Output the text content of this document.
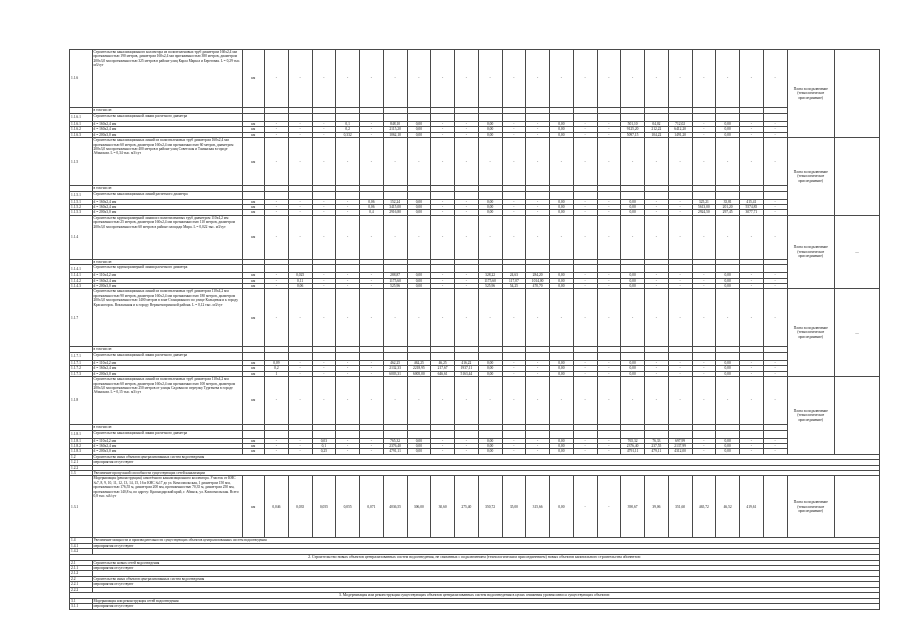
1.1.6	Строительство канализационного коллектора из полиэтиленовых труб диаметром 160x2,4 мм протяженностью 190 метров, диаметром 160x2,4 мм протяженностью 380 метров, диаметром 200x3,0 мм протяженностью 325 метров в районе улиц Карла Маркса и Береговая. L = 0,29 тыс. м3/сут	км	-	-	-	-	-	-	-	-	-	-	-	-	-	-	-	-	-	-	-	-	-	-	Плата за подключение (технологическое присоединение)	
	в том числе:																									
1.1.6.1	Строительство канализационной линии расчетного диаметра																									
1.1.6.1	d = 160x2,4 мм	км	-	-	-	0,1	-	848,10	0,00	-	-	0,00	-	-	0,00	-	-	501,10	04,02	712,02	-	0,00	-	-		
1.1.6.2	d = 160x2,4 мм	км	-	-	-	0,2	-	2115,20	0,00	-	-	0,00	-	-	0,00	-	-	9125,20	212,22	6412,20	-	0,00	-	-		
1.1.6.3	d = 200x3,0 мм	км	-	-	-	0,332	-	1062,10	0,00	-	-	0,00	-	-	0,00	-	-	5097,15	104,22	1491,20	-	0,00	-	-		
1.1.5	Строительство канализационных линий из полиэтиленовых труб диаметром 160x2,4 мм протяженностью 60 метров, диаметром 160x2,4 мм протяженностью 60 метров, диаметром 200x3,0 мм протяженностью 400 метров в районе улиц Советская и Таманская в городе Абинском. L = 0,34 тыс. м3/сут	км	-	-	-	-	-	-	-	-	-	-	-	-	-	-	-	-	-	-	-	-	-	-	Плата за подключение (технологическое присоединение)	
	в том числе:																									
1.1.5.1	Строительство канализационных линий расчетного диаметра																									
1.1.5.1	d = 160x2,4 мм	км	-	-	-	-	0,06	152,24	0,00	-	-	0,00	-	-	0,00	-	-	0,00	-	-	325,21	35,81	415,41	-		
1.1.5.2	d = 160x2,4 мм	км	-	-	-	-	0,06	3415,00	0,00	-	-	0,00	-	-	0,00	-	-	0,00	-	-	5613,00	201,20	5574,85	-		
1.1.5.3	d = 200x3,0 мм	км	-	-	-	-	0,4	2916,80	0,00	-	-	0,00	-	-	0,00	-	-	0,00	-	-	2924,50	297,45	3077,71	-		
1.1.4	Строительство крупноразмерной линии из полиэтиленовых труб диаметром 110x4,2 мм протяженностью 25 метров, диаметром 160x2,4 мм протяженностью 110 метров, диаметром 200x3,0 мм протяженностью 60 метров в районе площади Мира. L = 0,022 тыс. м3/сут	км	-	-	-	-	-	-	-	-	-	-	-	-	-	-	-	-	-	-	-	-	-	-	Плата за подключение (технологическое присоединение)	—
	в том числе:																									
1.1.4.1	Строительство крупноразмерной линии расчетного диаметра																									
1.1.4.1	d = 110x4,2 мм	км	-	0,025	-	-	-	288,87	0,00	-	-	328,22	24,63	284,20	0,00	-	-	0,00	-	-	-	0,00	-	-		
1.1.4.2	d = 160x2,4 мм	км	-	0,11	-	-	-	1175,60	0,00	-	-	1175,60	117,07	1014,00	0,00	-	-	0,00	-	-	-	0,00	-	-		
1.1.4.3	d = 200x3,0 мм	км	-	0,06	-	-	-	525,96	0,00	-	-	525,96	54,25	470,70	0,00	-	-	0,00	-	-	-	0,00	-	-		
1.1.7	Строительство канализационных линий из полиэтиленовых труб диаметром 110x4,2 мм протяженностью 90 метров, диаметром 160x2,4 мм протяженностью 180 метров, диаметром 200x3,0 мм протяженностью 1400 метров в зоне Станционного по улице Кольцевая и к городу Красногорск. Вокзальная и к городу Верхнехопринской района. L = 0,12 тыс. м3/сут	км	-	-	-	-	-	-	-	-	-	-	-	-	-	-	-	-	-	-	-	-	-	-	Плата за подключение (технологическое присоединение)	—
	в том числе:																									
1.1.7.1	Строительство канализационной линии расчетного диаметра																									
1.1.7.1	d = 110x4,2 мм	км	0,09	-	-	-	-	462,25	462,25	46,25	416,22	0,00	-	-	0,00	-	-	0,00	-	-	-	0,00	-	-		
1.1.7.2	d = 160x2,4 мм	км	0,2	-	-	-	-	2132,33	2218,95	217,67	1937,11	0,00	-	-	0,00	-	-	0,00	-	-	-	0,00	-	-		
1.1.7.3	d = 200x3,0 мм	км	1	-	-	-	-	6003,31	6005,00	646,61	5163,44	0,00	-	-	0,00	-	-	0,00	-	-	-	0,00	-	-		
1.1.8	Строительство канализационных линий из полиэтиленовых труб диаметром 110x4,2 мм протяженностью 60 метров, диаметром 160x2,4 мм протяженностью 100 метров, диаметром 200x3,0 мм протяженностью 250 метров от улицы Садовая по переулку Тургенева в городе Абинском. L = 0,15 тыс. м3/сут	км	-	-	-	-	-	-	-	-	-	-	-	-	-	-	-	-	-	-	-	-	-	-	Плата за подключение (технологическое присоединение)	
	в том числе:																									
1.1.8.1	Строительство канализационной линии расчетного диаметра																									
1.1.8.1	d = 110x4,2 мм	км	-	-	0,03	-	-	765,32	0,00	-	-	0,00	-	-	0,00	-	-	765,32	76,33	697,99	-	0,00	-	-		
1.1.8.2	d = 160x2,4 мм	км	-	-	0,1	-	-	2376,40	0,00	-	-	0,00	-	-	0,00	-	-	2376,40	237,55	2137,99	-	0,00	-	-		
1.1.8.3	d = 200x3,0 мм	км	-	-	0,25	-	-	4791,11	0,00	-	-	0,00	-	-	0,00	-	-	4791,11	479,11	4312,00	-	0,00	-	-		
1.2	Строительство иных объектов централизованных систем водоотведения																									
1.2.1	мероприятия отсутствуют																									
1.2.2																										
1.3	Увеличение пропускной способности существующих сетей канализации																									
1.3.1	Модернизация (реконструкция) самотёчного канализационного коллектора. Участок от КНС №7, 8, 9, 10, 11, 12, 13, 14, 15, 16 и КНС №17 до ул. Комсомольская, 1 диаметром 150 мм, протяженностью 176,55 м, диаметром 200 мм, протяженностью 70,35 м, диаметром 250 мм, протяженностью 140,8 м, по адресу: Краснодарский край, г. Абинск, ул. Комсомольская. Всего 0,8 тыс. м3/сут	км	0,046	0,035	0,055	0,055	0,071	4036,55	306,00	30,60	275,40	350,72	35,00	315,66	0,00	-	-	390,67	39,06	351,60	465,72	46,52	419,61		Плата за подключение (технологическое присоединение)	
1.4	Увеличение мощности и производительности существующих объектов централизованных систем водоотведения																									
1.4.1	мероприятия отсутствуют																									
1.4.2																										
2. Строительство новых объектов централизованных систем водоотведения, не связанных с подключением (технологическим присоединением) новых объектов капитального строительства абонентов:																										
2.1	Строительство новых сетей водоотведения																									
2.1.1	мероприятия отсутствуют																									
2.1.2																										
2.2	Строительство иных объектов централизованных систем водоотведения																									
2.2.1	мероприятия отсутствуют																									
2.2.2																										
3. Модернизация или реконструкция существующих объектов централизованных систем водоотведения в целях снижения уровня износа существующих объектов:																										
3.1	Модернизация или реконструкция сетей водоотведения																									
3.1.1	мероприятия отсутствуют																									
